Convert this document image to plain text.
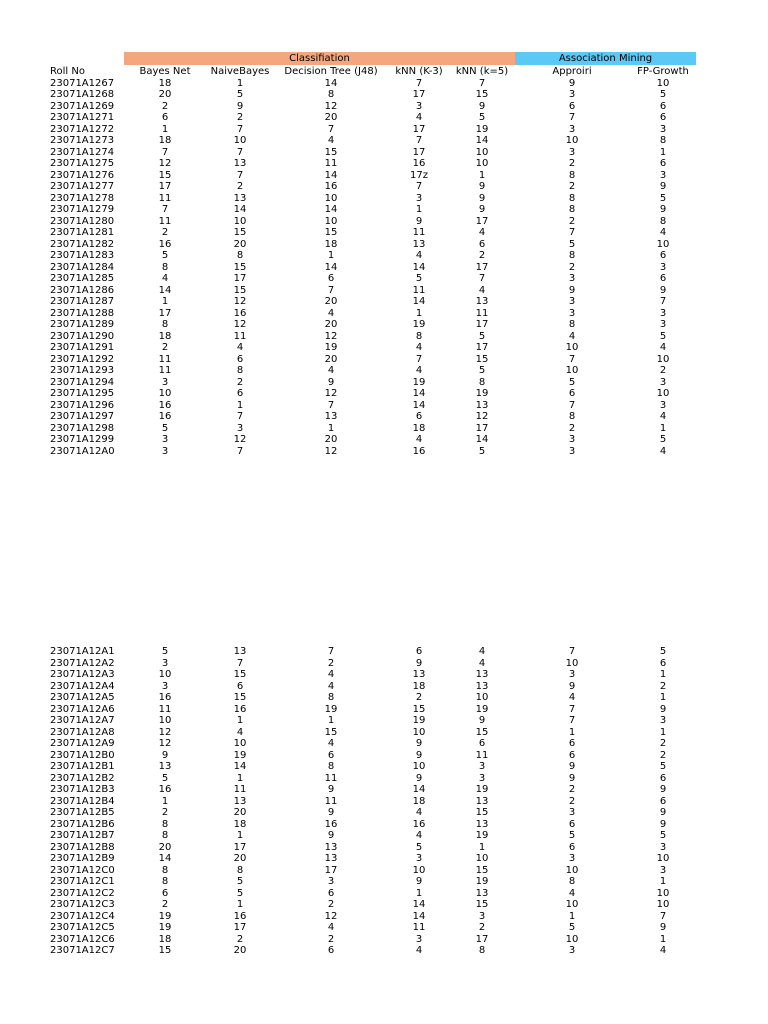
Classifiation	Association Mining
Roll No	Bayes Net	NaiveBayes	Decision Tree (J48)	kNN (K-3)	kNN (k=5)	Approiri	FP-Growth
23071A1267	18	1	14	7	7	9	10
23071A1268	20	5	8	17	15	3	5
23071A1269	2	9	12	3	9	6	6
23071A1271	6	2	20	4	5	7	6
23071A1272	1	7	7	17	19	3	3
23071A1273	18	10	4	7	14	10	8
23071A1274	7	7	15	17	10	3	1
23071A1275	12	13	11	16	10	2	6
23071A1276	15	7	14	17z	1	8	3
23071A1277	17	2	16	7	9	2	9
23071A1278	11	13	10	3	9	8	5
23071A1279	7	14	14	1	9	8	9
23071A1280	11	10	10	9	17	2	8
23071A1281	2	15	15	11	4	7	4
23071A1282	16	20	18	13	6	5	10
23071A1283	5	8	1	4	2	8	6
23071A1284	8	15	14	14	17	2	3
23071A1285	4	17	6	5	7	3	6
23071A1286	14	15	7	11	4	9	9
23071A1287	1	12	20	14	13	3	7
23071A1288	17	16	4	1	11	3	3
23071A1289	8	12	20	19	17	8	3
23071A1290	18	11	12	8	5	4	5
23071A1291	2	4	19	4	17	10	4
23071A1292	11	6	20	7	15	7	10
23071A1293	11	8	4	4	5	10	2
23071A1294	3	2	9	19	8	5	3
23071A1295	10	6	12	14	19	6	10
23071A1296	16	1	7	14	13	7	3
23071A1297	16	7	13	6	12	8	4
23071A1298	5	3	1	18	17	2	1
23071A1299	3	12	20	4	14	3	5
23071A12A0	3	7	12	16	5	3	4
23071A12A1	5	13	7	6	4	7	5
23071A12A2	3	7	2	9	4	10	6
23071A12A3	10	15	4	13	13	3	1
23071A12A4	3	6	4	18	13	9	2
23071A12A5	16	15	8	2	10	4	1
23071A12A6	11	16	19	15	19	7	9
23071A12A7	10	1	1	19	9	7	3
23071A12A8	12	4	15	10	15	1	1
23071A12A9	12	10	4	9	6	6	2
23071A12B0	9	19	6	9	11	6	2
23071A12B1	13	14	8	10	3	9	5
23071A12B2	5	1	11	9	3	9	6
23071A12B3	16	11	9	14	19	2	9
23071A12B4	1	13	11	18	13	2	6
23071A12B5	2	20	9	4	15	3	9
23071A12B6	8	18	16	16	13	6	9
23071A12B7	8	1	9	4	19	5	5
23071A12B8	20	17	13	5	1	6	3
23071A12B9	14	20	13	3	10	3	10
23071A12C0	8	8	17	10	15	10	3
23071A12C1	8	5	3	9	19	8	1
23071A12C2	6	5	6	1	13	4	10
23071A12C3	2	1	2	14	15	10	10
23071A12C4	19	16	12	14	3	1	7
23071A12C5	19	17	4	11	2	5	9
23071A12C6	18	2	2	3	17	10	1
23071A12C7	15	20	6	4	8	3	4
